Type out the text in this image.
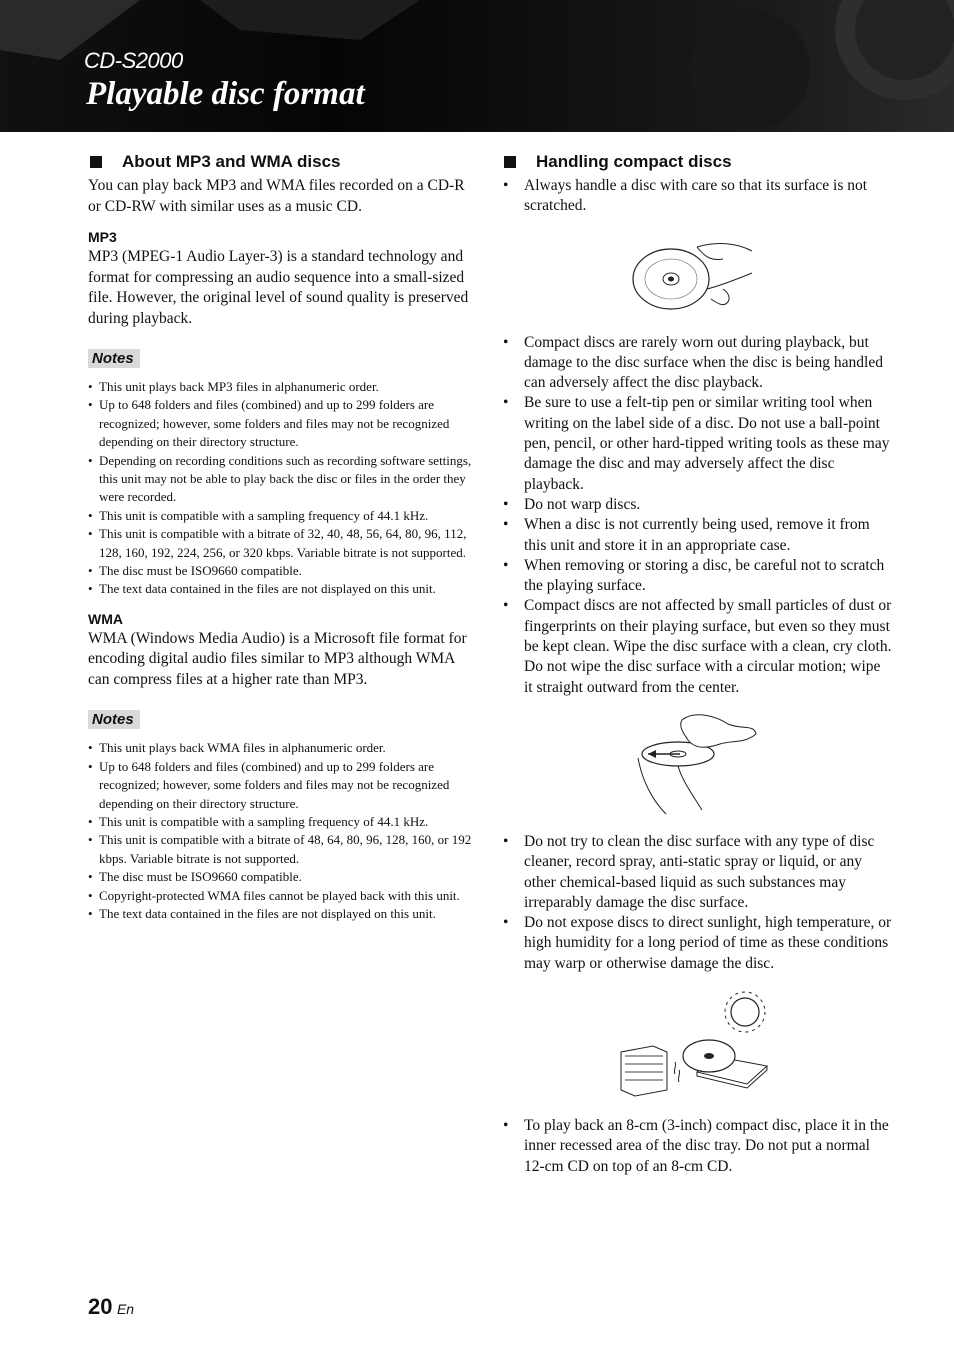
CD-S2000
Playable disc format
About MP3 and WMA discs

You can play back MP3 and WMA files recorded on a CD-R or CD-RW with similar uses as a music CD.

MP3

MP3 (MPEG-1 Audio Layer-3) is a standard technology and format for compressing an audio sequence into a small-sized file. However, the original level of sound quality is preserved during playback.

Notes
• This unit plays back MP3 files in alphanumeric order.
• Up to 648 folders and files (combined) and up to 299 folders are recognized; however, some folders and files may not be recognized depending on their directory structure.
• Depending on recording conditions such as recording software settings, this unit may not be able to play back the disc or files in the order they were recorded.
• This unit is compatible with a sampling frequency of 44.1 kHz.
• This unit is compatible with a bitrate of 32, 40, 48, 56, 64, 80, 96, 112, 128, 160, 192, 224, 256, or 320 kbps. Variable bitrate is not supported.
• The disc must be ISO9660 compatible.
• The text data contained in the files are not displayed on this unit.
WMA

WMA (Windows Media Audio) is a Microsoft file format for encoding digital audio files similar to MP3 although WMA can compress files at a higher rate than MP3.

Notes
• This unit plays back WMA files in alphanumeric order.
• Up to 648 folders and files (combined) and up to 299 folders are recognized; however, some folders and files may not be recognized depending on their directory structure.
• This unit is compatible with a sampling frequency of 44.1 kHz.
• This unit is compatible with a bitrate of 48, 64, 80, 96, 128, 160, or 192 kbps. Variable bitrate is not supported.
• The disc must be ISO9660 compatible.
• Copyright-protected WMA files cannot be played back with this unit.
• The text data contained in the files are not displayed on this unit.
Handling compact discs
• Always handle a disc with care so that its surface is not scratched.
• Compact discs are rarely worn out during playback, but damage to the disc surface when the disc is being handled can adversely affect the disc playback.
• Be sure to use a felt-tip pen or similar writing tool when writing on the label side of a disc. Do not use a ball-point pen, pencil, or other hard-tipped writing tools as these may damage the disc and may adversely affect the disc playback.
• Do not warp discs.
• When a disc is not currently being used, remove it from this unit and store it in an appropriate case.
• When removing or storing a disc, be careful not to scratch the playing surface.
• Compact discs are not affected by small particles of dust or fingerprints on their playing surface, but even so they must be kept clean. Wipe the disc surface with a clean, cry cloth. Do not wipe the disc surface with a circular motion; wipe it straight outward from the center.
• Do not try to clean the disc surface with any type of disc cleaner, record spray, anti-static spray or liquid, or any other chemical-based liquid as such substances may irreparably damage the disc surface.
• Do not expose discs to direct sunlight, high temperature, or high humidity for a long period of time as these conditions may warp or otherwise damage the disc.
• To play back an 8-cm (3-inch) compact disc, place it in the inner recessed area of the disc tray. Do not put a normal 12-cm CD on top of an 8-cm CD.
20 En
